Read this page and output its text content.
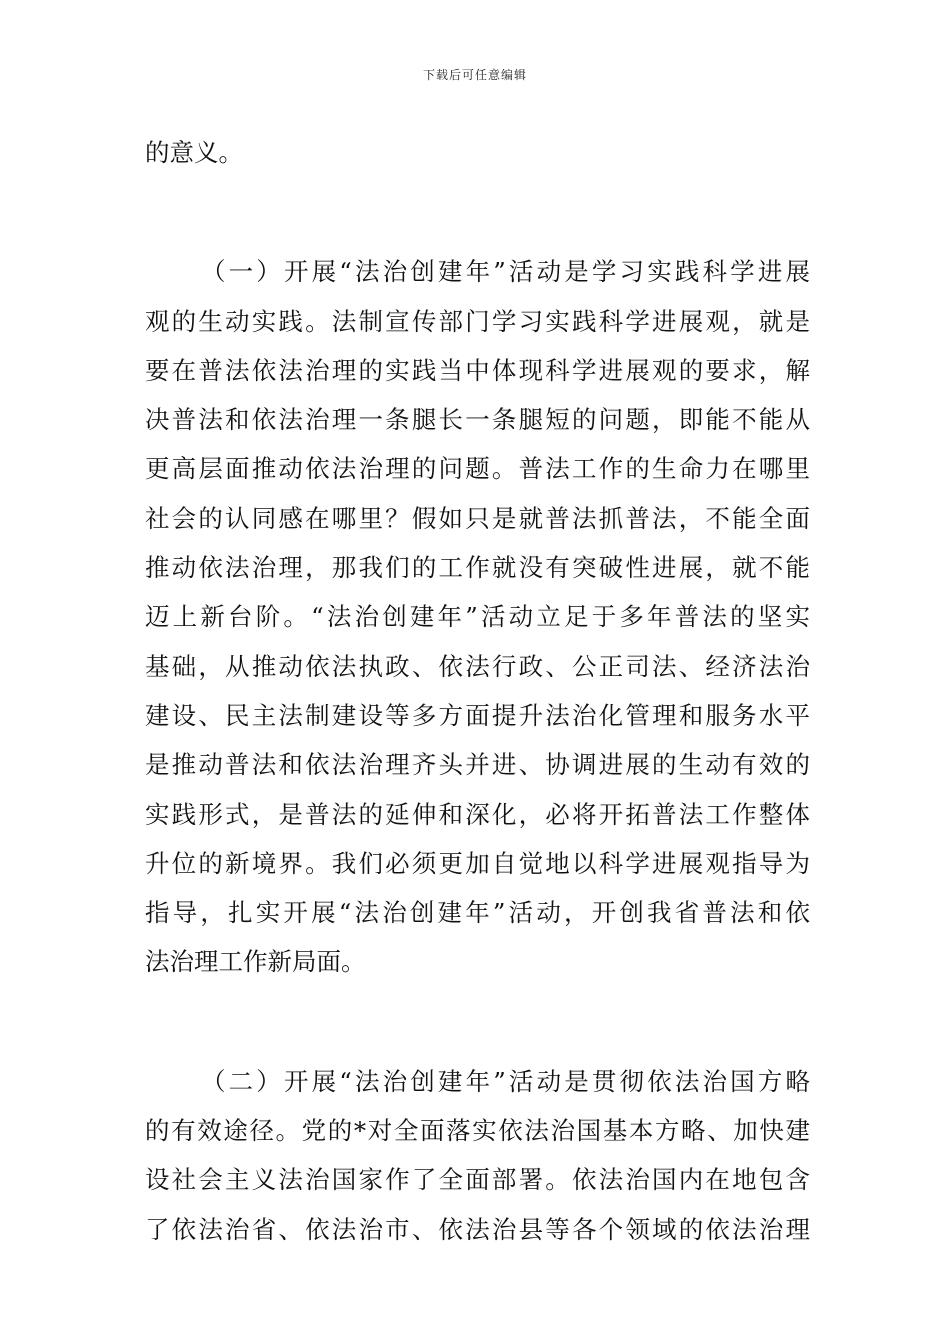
下载后可任意编辑
的意义。
（一）开展“法治创建年”活动是学习实践科学进展
观的生动实践。法制宣传部门学习实践科学进展观，就是
要在普法依法治理的实践当中体现科学进展观的要求，解
决普法和依法治理一条腿长一条腿短的问题，即能不能从
更高层面推动依法治理的问题。普法工作的生命力在哪里
社会的认同感在哪里？假如只是就普法抓普法，不能全面
推动依法治理，那我们的工作就没有突破性进展，就不能
迈上新台阶。“法治创建年”活动立足于多年普法的坚实
基础，从推动依法执政、依法行政、公正司法、经济法治
建设、民主法制建设等多方面提升法治化管理和服务水平
是推动普法和依法治理齐头并进、协调进展的生动有效的
实践形式，是普法的延伸和深化，必将开拓普法工作整体
升位的新境界。我们必须更加自觉地以科学进展观指导为
指导，扎实开展“法治创建年”活动，开创我省普法和依
法治理工作新局面。
（二）开展“法治创建年”活动是贯彻依法治国方略
的有效途径。党的*对全面落实依法治国基本方略、加快建
设社会主义法治国家作了全面部署。依法治国内在地包含
了依法治省、依法治市、依法治县等各个领域的依法治理
